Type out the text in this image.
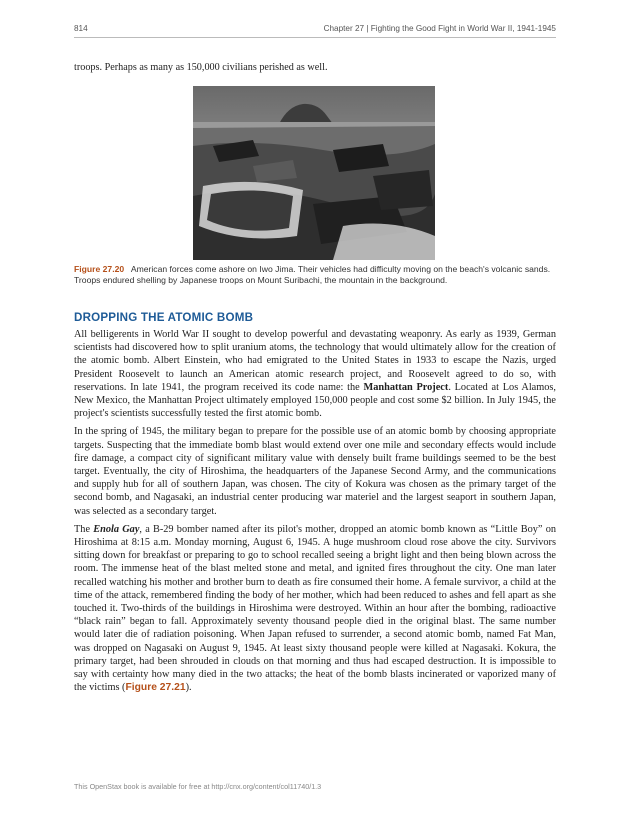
814	Chapter 27 | Fighting the Good Fight in World War II, 1941-1945

troops. Perhaps as many as 150,000 civilians perished as well.

Figure 27.20 American forces come ashore on Iwo Jima. Their vehicles had difficulty moving on the beach's volcanic sands. Troops endured shelling by Japanese troops on Mount Suribachi, the mountain in the background.

DROPPING THE ATOMIC BOMB

All belligerents in World War II sought to develop powerful and devastating weaponry. As early as 1939, German scientists had discovered how to split uranium atoms, the technology that would ultimately allow for the creation of the atomic bomb. Albert Einstein, who had emigrated to the United States in 1933 to escape the Nazis, urged President Roosevelt to launch an American atomic research project, and Roosevelt agreed to do so, with reservations. In late 1941, the program received its code name: the Manhattan Project. Located at Los Alamos, New Mexico, the Manhattan Project ultimately employed 150,000 people and cost some $2 billion. In July 1945, the project's scientists successfully tested the first atomic bomb.

In the spring of 1945, the military began to prepare for the possible use of an atomic bomb by choosing appropriate targets. Suspecting that the immediate bomb blast would extend over one mile and secondary effects would include fire damage, a compact city of significant military value with densely built frame buildings seemed to be the best target. Eventually, the city of Hiroshima, the headquarters of the Japanese Second Army, and the communications and supply hub for all of southern Japan, was chosen. The city of Kokura was chosen as the primary target of the second bomb, and Nagasaki, an industrial center producing war materiel and the largest seaport in southern Japan, was selected as a secondary target.

The Enola Gay, a B-29 bomber named after its pilot's mother, dropped an atomic bomb known as “Little Boy” on Hiroshima at 8:15 a.m. Monday morning, August 6, 1945. A huge mushroom cloud rose above the city. Survivors sitting down for breakfast or preparing to go to school recalled seeing a bright light and then being blown across the room. The immense heat of the blast melted stone and metal, and ignited fires throughout the city. One man later recalled watching his mother and brother burn to death as fire consumed their home. A female survivor, a child at the time of the attack, remembered finding the body of her mother, which had been reduced to ashes and fell apart as she touched it. Two-thirds of the buildings in Hiroshima were destroyed. Within an hour after the bombing, radioactive “black rain” began to fall. Approximately seventy thousand people died in the original blast. The same number would later die of radiation poisoning. When Japan refused to surrender, a second atomic bomb, named Fat Man, was dropped on Nagasaki on August 9, 1945. At least sixty thousand people were killed at Nagasaki. Kokura, the primary target, had been shrouded in clouds on that morning and thus had escaped destruction. It is impossible to say with certainty how many died in the two attacks; the heat of the bomb blasts incinerated or vaporized many of the victims (Figure 27.21).

This OpenStax book is available for free at http://cnx.org/content/col11740/1.3
